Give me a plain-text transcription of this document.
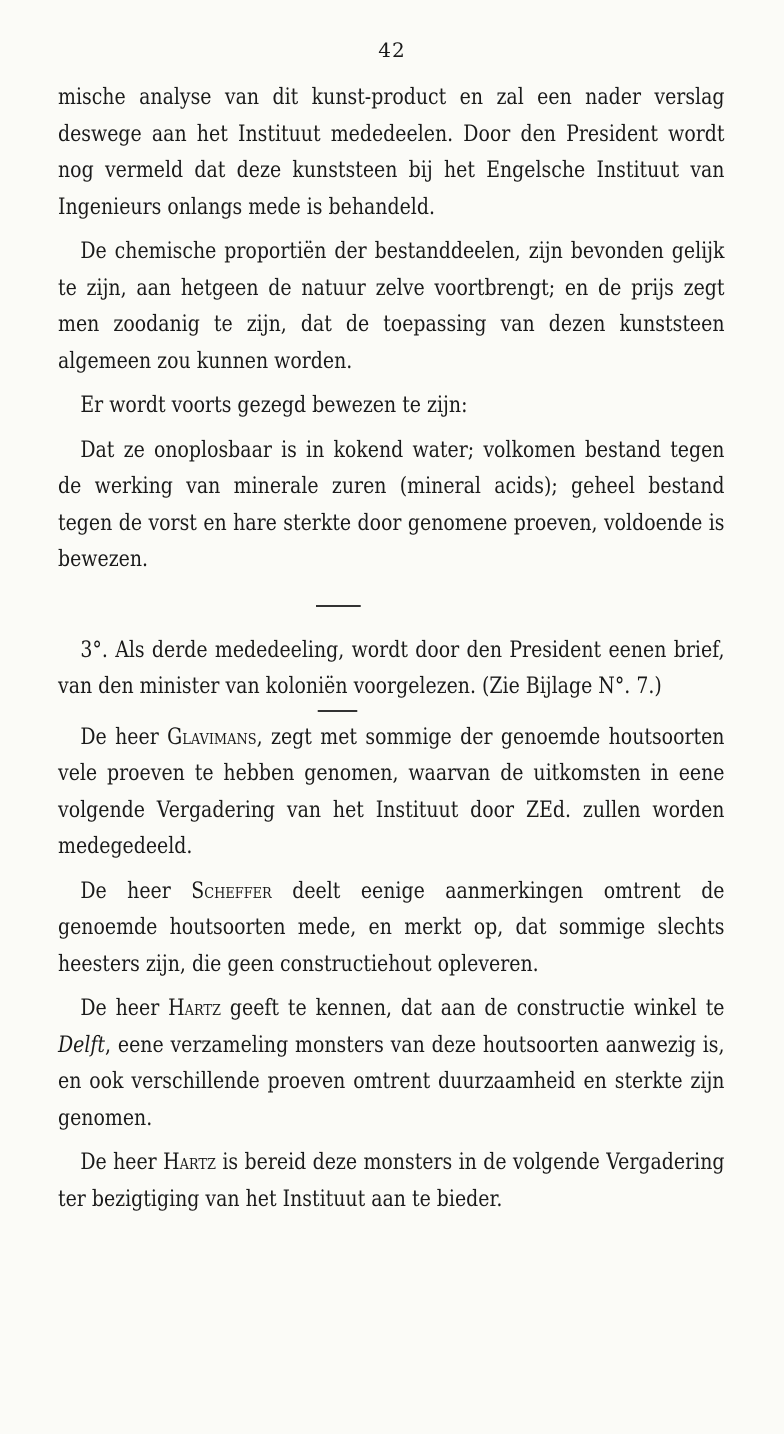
42

mische analyse van dit kunst-product en zal een nader verslag deswege aan het Instituut mededeelen. Door den President wordt nog vermeld dat deze kunststeen bij het Engelsche Instituut van Ingenieurs onlangs mede is behandeld.

De chemische proportiën der bestanddeelen, zijn bevonden gelijk te zijn, aan hetgeen de natuur zelve voortbrengt; en de prijs zegt men zoodanig te zijn, dat de toepassing van dezen kunststeen algemeen zou kunnen worden.

Er wordt voorts gezegd bewezen te zijn:

Dat ze onoplosbaar is in kokend water; volkomen bestand tegen de werking van minerale zuren (mineral acids); geheel bestand tegen de vorst en hare sterkte door genomene proeven, voldoende is bewezen.

3°. Als derde mededeeling, wordt door den President eenen brief, van den minister van koloniën voorgelezen. (Zie Bijlage N°. 7.)

De heer Glavimans, zegt met sommige der genoemde houtsoorten vele proeven te hebben genomen, waarvan de uitkomsten in eene volgende Vergadering van het Instituut door ZEd. zullen worden medegedeeld.

De heer Scheffer deelt eenige aanmerkingen omtrent de genoemde houtsoorten mede, en merkt op, dat sommige slechts heesters zijn, die geen constructiehout opleveren.

De heer Hartz geeft te kennen, dat aan de constructie winkel te Delft, eene verzameling monsters van deze houtsoorten aanwezig is, en ook verschillende proeven omtrent duurzaamheid en sterkte zijn genomen.

De heer Hartz is bereid deze monsters in de volgende Vergadering ter bezigtiging van het Instituut aan te bieder.
